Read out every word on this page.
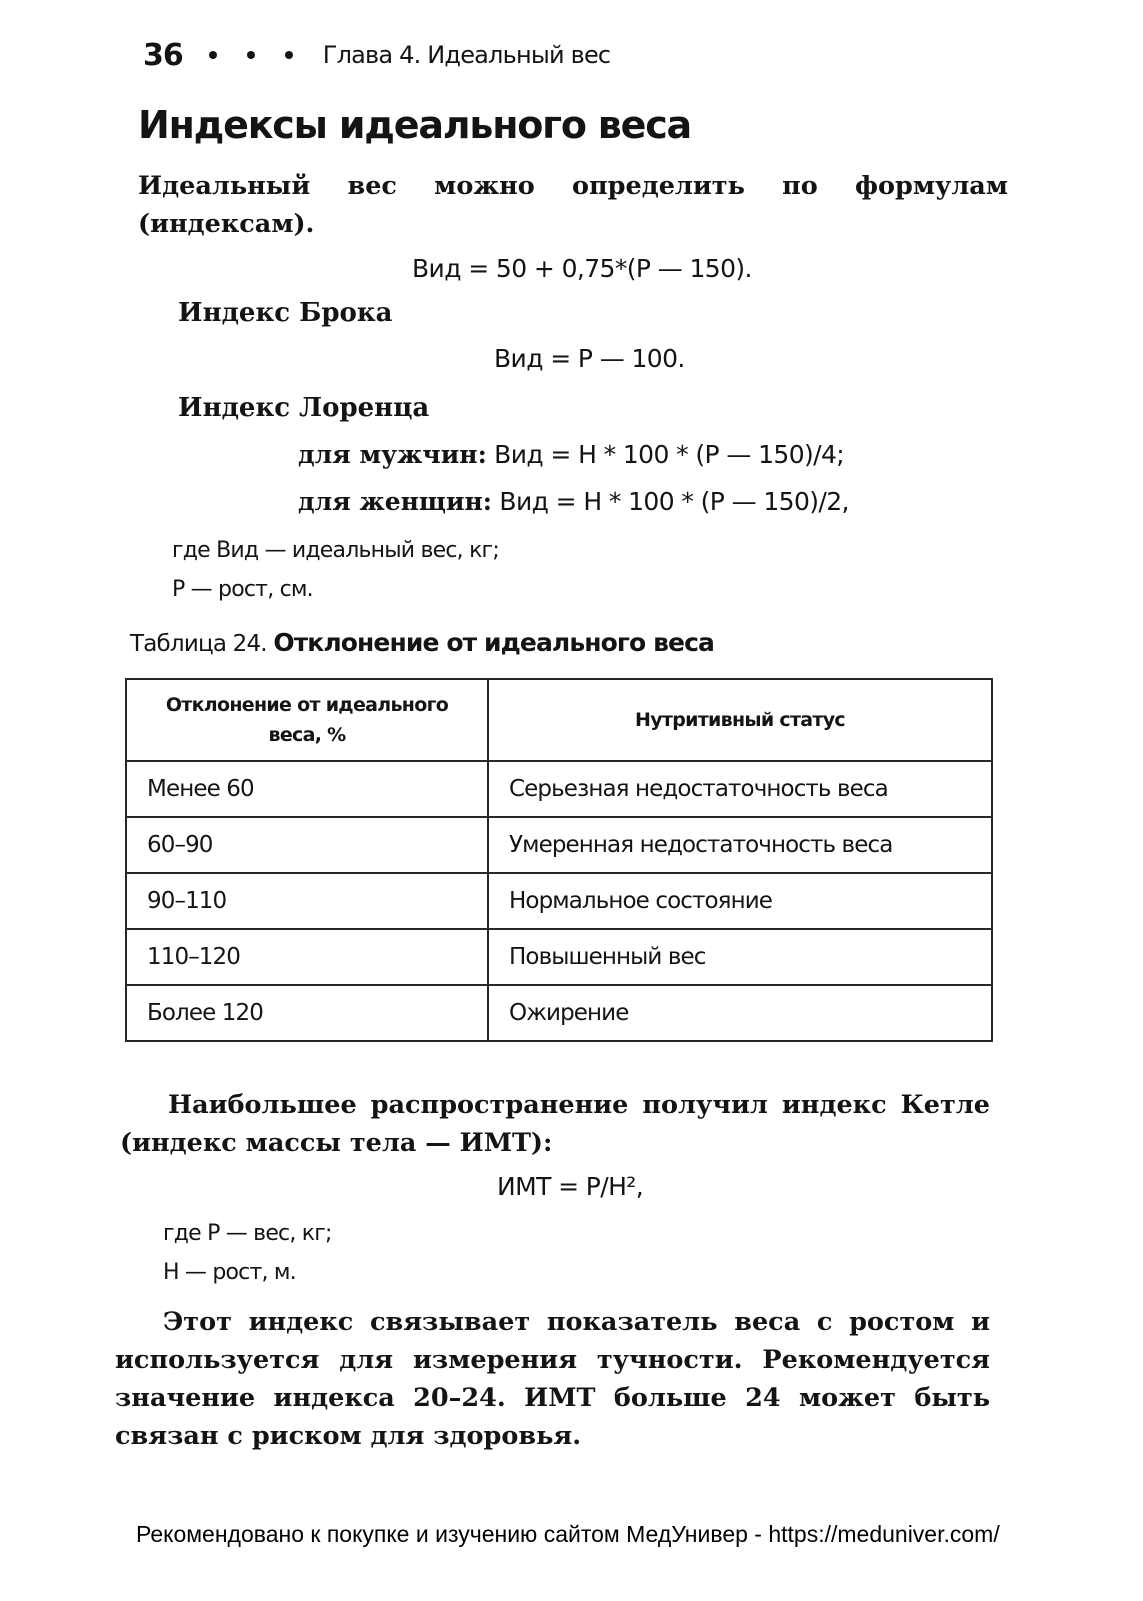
36	Глава 4. Идеальный вес
Индексы идеального веса
Идеальный вес можно определить по формулам (индексам).
Вид = 50 + 0,75*(Р — 150).
Индекс Брока
Вид = Р — 100.
Индекс Лоренца
для мужчин: Вид = Н * 100 * (Р — 150)/4;
для женщин: Вид = Н * 100 * (Р — 150)/2,
где Вид — идеальный вес, кг;
Р — рост, см.
Таблица 24. Отклонение от идеального веса
Отклонение от идеального веса, %	Нутритивный статус
Менее 60	Серьезная недостаточность веса
60–90	Умеренная недостаточность веса
90–110	Нормальное состояние
110–120	Повышенный вес
Более 120	Ожирение
Наибольшее распространение получил индекс Кетле (индекс массы тела — ИМТ):
ИМТ = Р/Н²,
где Р — вес, кг;
Н — рост, м.
Этот индекс связывает показатель веса с ростом и используется для измерения тучности. Рекомендуется значение индекса 20–24. ИМТ больше 24 может быть связан с риском для здоровья.
Рекомендовано к покупке и изучению сайтом МедУнивер - https://meduniver.com/
